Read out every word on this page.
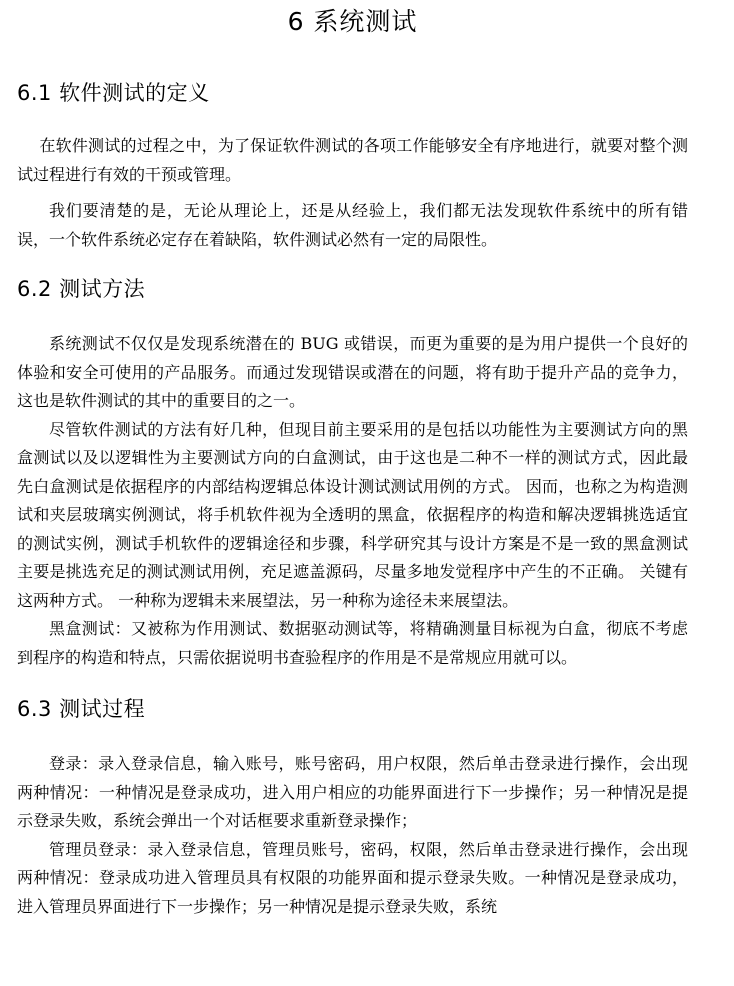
6 系统测试
6.1 软件测试的定义

在软件测试的过程之中，为了保证软件测试的各项工作能够安全有序地进行，就要对整个测试过程进行有效的干预或管理。

我们要清楚的是，无论从理论上，还是从经验上，我们都无法发现软件系统中的所有错误，一个软件系统必定存在着缺陷，软件测试必然有一定的局限性。

6.2 测试方法

系统测试不仅仅是发现系统潜在的 BUG 或错误，而更为重要的是为用户提供一个良好的体验和安全可使用的产品服务。而通过发现错误或潜在的问题，将有助于提升产品的竞争力，这也是软件测试的其中的重要目的之一。

尽管软件测试的方法有好几种，但现目前主要采用的是包括以功能性为主要测试方向的黑盒测试以及以逻辑性为主要测试方向的白盒测试，由于这也是二种不一样的测试方式，因此最先白盒测试是依据程序的内部结构逻辑总体设计测试测试用例的方式。 因而，也称之为构造测试和夹层玻璃实例测试，将手机软件视为全透明的黑盒，依据程序的构造和解决逻辑挑选适宜的测试实例，测试手机软件的逻辑途径和步骤，科学研究其与设计方案是不是一致的黑盒测试主要是挑选充足的测试测试用例，充足遮盖源码，尽量多地发觉程序中产生的不正确。 关键有这两种方式。 一种称为逻辑未来展望法，另一种称为途径未来展望法。

黑盒测试：又被称为作用测试、数据驱动测试等，将精确测量目标视为白盒，彻底不考虑到程序的构造和特点，只需依据说明书查验程序的作用是不是常规应用就可以。

6.3 测试过程

登录：录入登录信息，输入账号，账号密码，用户权限，然后单击登录进行操作，会出现两种情况：一种情况是登录成功，进入用户相应的功能界面进行下一步操作；另一种情况是提示登录失败，系统会弹出一个对话框要求重新登录操作；

管理员登录：录入登录信息，管理员账号，密码，权限，然后单击登录进行操作，会出现两种情况：登录成功进入管理员具有权限的功能界面和提示登录失败。一种情况是登录成功，进入管理员界面进行下一步操作；另一种情况是提示登录失败，系统
